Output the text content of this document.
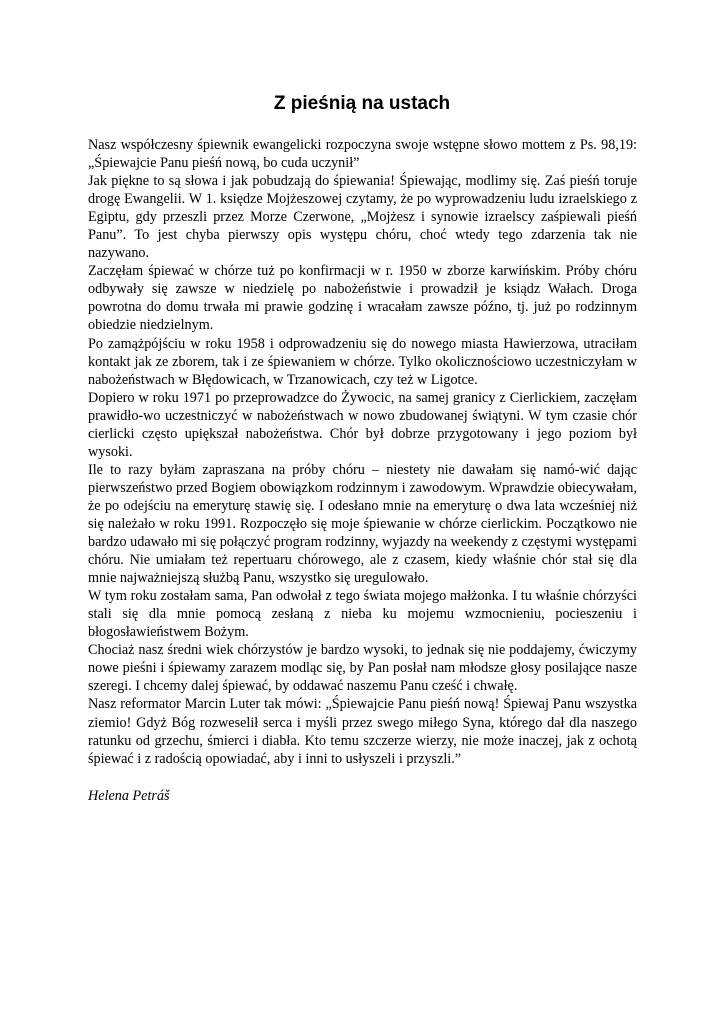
Z pieśnią na ustach

Nasz współczesny śpiewnik ewangelicki rozpoczyna swoje wstępne słowo mottem z Ps. 98,19: „Śpiewajcie Panu pieśń nową, bo cuda uczynił”

Jak piękne to są słowa i jak pobudzają do śpiewania! Śpiewając, modlimy się. Zaś pieśń toruje drogę Ewangelii. W 1. księdze Mojżeszowej czytamy, że po wyprowadzeniu ludu izraelskiego z Egiptu, gdy przeszli przez Morze Czerwone, „Mojżesz i synowie izraelscy zaśpiewali pieśń Panu”. To jest chyba pierwszy opis występu chóru, choć wtedy tego zdarzenia tak nie nazywano.

Zaczęłam śpiewać w chórze tuż po konfirmacji w r. 1950 w zborze karwińskim. Próby chóru odbywały się zawsze w niedzielę po nabożeństwie i prowadził je ksiądz Wałach. Droga powrotna do domu trwała mi prawie godzinę i wracałam zawsze późno, tj. już po rodzinnym obiedzie niedzielnym.

Po zamążpójściu w roku 1958 i odprowadzeniu się do nowego miasta Hawierzowa, utraciłam kontakt jak ze zborem, tak i ze śpiewaniem w chórze. Tylko okolicznościowo uczestniczyłam w nabożeństwach w Błędowicach, w Trzanowicach, czy też w Ligotce.

Dopiero w roku 1971 po przeprowadzce do Żywocic, na samej granicy z Cierlickiem, zaczęłam prawidło-wo uczestniczyć w nabożeństwach w nowo zbudowanej świątyni. W tym czasie chór cierlicki często upiększał nabożeństwa. Chór był dobrze przygotowany i jego poziom był wysoki.

Ile to razy byłam zapraszana na próby chóru – niestety nie dawałam się namó-wić dając pierwszeństwo przed Bogiem obowiązkom rodzinnym i zawodowym. Wprawdzie obiecywałam, że po odejściu na emeryturę stawię się. I odesłano mnie na emeryturę o dwa lata wcześniej niż się należało w roku 1991. Rozpoczęło się moje śpiewanie w chórze cierlickim. Początkowo nie bardzo udawało mi się połączyć program rodzinny, wyjazdy na weekendy z częstymi występami chóru. Nie umiałam też repertuaru chórowego, ale z czasem, kiedy właśnie chór stał się dla mnie najważniejszą służbą Panu, wszystko się uregulowało.

W tym roku zostałam sama, Pan odwołał z tego świata mojego małżonka. I tu właśnie chórzyści stali się dla mnie pomocą zesłaną z nieba ku mojemu wzmocnieniu, pocieszeniu i błogosławieństwem Bożym.

Chociaż nasz średni wiek chórzystów je bardzo wysoki, to jednak się nie poddajemy, ćwiczymy nowe pieśni i śpiewamy zarazem modląc się, by Pan posłał nam młodsze głosy posilające nasze szeregi. I chcemy dalej śpiewać, by oddawać naszemu Panu cześć i chwałę.

Nasz reformator Marcin Luter tak mówi: „Śpiewajcie Panu pieśń nową! Śpiewaj Panu wszystka ziemio! Gdyż Bóg rozweselił serca i myśli przez swego miłego Syna, którego dał dla naszego ratunku od grzechu, śmierci i diabła. Kto temu szczerze wierzy, nie może inaczej, jak z ochotą śpiewać i z radością opowiadać, aby i inni to usłyszeli i przyszli.”

Helena Petráš
